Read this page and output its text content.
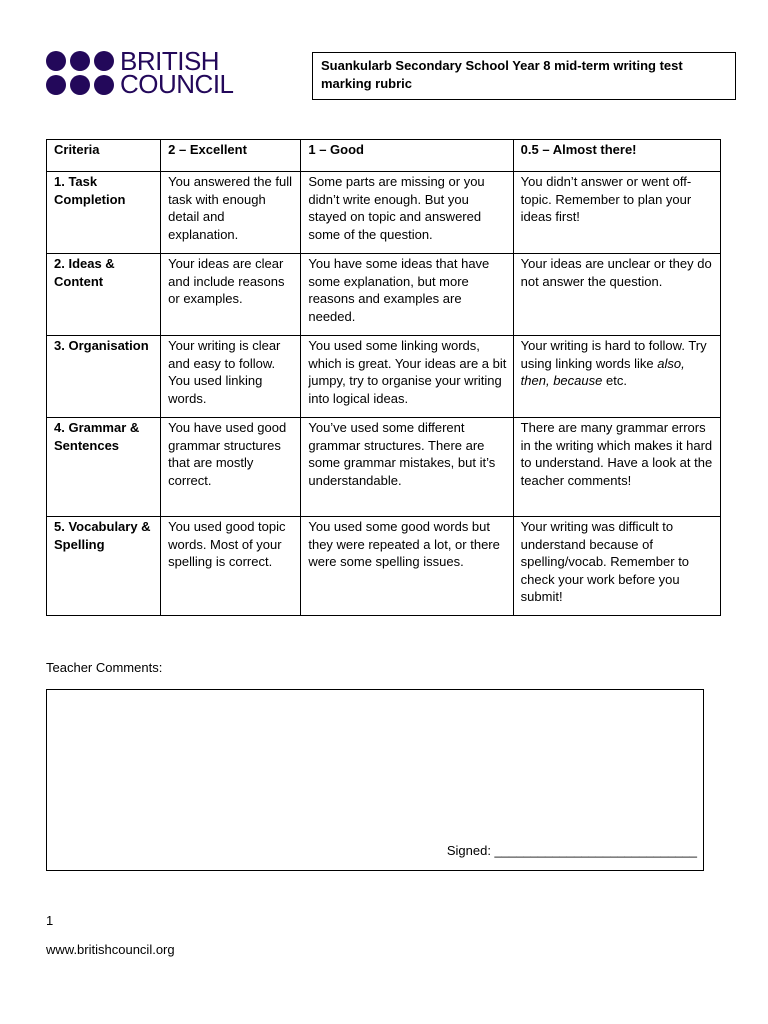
BRITISH
COUNCIL
Suankularb Secondary School Year 8 mid-term writing test marking rubric
Criteria	2 – Excellent	1 – Good	0.5 – Almost there!
1. Task Completion	You answered the full task with enough detail and explanation.	Some parts are missing or you didn’t write enough. But you stayed on topic and answered some of the question.	You didn’t answer or went off-topic. Remember to plan your ideas first!
2. Ideas & Content	Your ideas are clear and include reasons or examples.	You have some ideas that have some explanation, but more reasons and examples are needed.	Your ideas are unclear or they do not answer the question.
3. Organisation	Your writing is clear and easy to follow. You used linking words.	You used some linking words, which is great. Your ideas are a bit jumpy, try to organise your writing into logical ideas.	Your writing is hard to follow. Try using linking words like also, then, because etc.
4. Grammar & Sentences	You have used good grammar structures that are mostly correct.	You’ve used some different grammar structures. There are some grammar mistakes, but it’s understandable.	There are many grammar errors in the writing which makes it hard to understand. Have a look at the teacher comments!
5. Vocabulary & Spelling	You used good topic words. Most of your spelling is correct.	You used some good words but they were repeated a lot, or there were some spelling issues.	Your writing was difficult to understand because of spelling/vocab. Remember to check your work before you submit!
Teacher Comments:
Signed: ____________________________
1
www.britishcouncil.org
